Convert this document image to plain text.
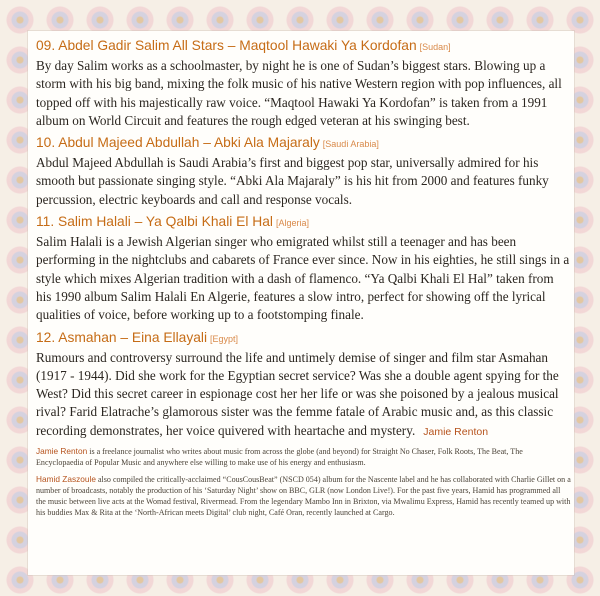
09. Abdel Gadir Salim All Stars – Maqtool Hawaki Ya Kordofan [Sudan]

By day Salim works as a schoolmaster, by night he is one of Sudan’s biggest stars. Blowing up a storm with his big band, mixing the folk music of his native Western region with pop influences, all topped off with his majestically raw voice. “Maqtool Hawaki Ya Kordofan” is taken from a 1991 album on World Circuit and features the rough edged veteran at his swinging best.

10. Abdul Majeed Abdullah – Abki Ala Majaraly [Saudi Arabia]

Abdul Majeed Abdullah is Saudi Arabia’s first and biggest pop star, universally admired for his smooth but passionate singing style. “Abki Ala Majaraly” is his hit from 2000 and features funky percussion, electric keyboards and call and response vocals.

11. Salim Halali – Ya Qalbi Khali El Hal [Algeria]

Salim Halali is a Jewish Algerian singer who emigrated whilst still a teenager and has been performing in the nightclubs and cabarets of France ever since. Now in his eighties, he still sings in a style which mixes Algerian tradition with a dash of flamenco. “Ya Qalbi Khali El Hal” taken from his 1990 album Salim Halali En Algerie, features a slow intro, perfect for showing off the lyrical qualities of voice, before working up to a footstomping finale.

12. Asmahan – Eina Ellayali [Egypt]

Rumours and controversy surround the life and untimely demise of singer and film star Asmahan (1917 - 1944). Did she work for the Egyptian secret service? Was she a double agent spying for the West? Did this secret career in espionage cost her her life or was she poisoned by a jealous musical rival? Farid Elatrache’s glamorous sister was the femme fatale of Arabic music and, as this classic recording demonstrates, her voice quivered with heartache and mystery. Jamie Renton

Jamie Renton is a freelance journalist who writes about music from across the globe (and beyond) for Straight No Chaser, Folk Roots, The Beat, The Encyclopaedia of Popular Music and anywhere else willing to make use of his energy and enthusiasm.

Hamid Zaszoule also compiled the critically-acclaimed “CousCousBeat” (NSCD 054) album for the Nascente label and he has collaborated with Charlie Gillet on a number of broadcasts, notably the production of his ‘Saturday Night’ show on BBC, GLR (now London Live!). For the past five years, Hamid has programmed all the music between live acts at the Womad festival, Rivermead. From the legendary Mambo Inn in Brixton, via Mwalimu Express, Hamid has recently teamed up with his buddies Max & Rita at the ‘North-African meets Digital’ club night, Café Oran, recently launched at Cargo.
